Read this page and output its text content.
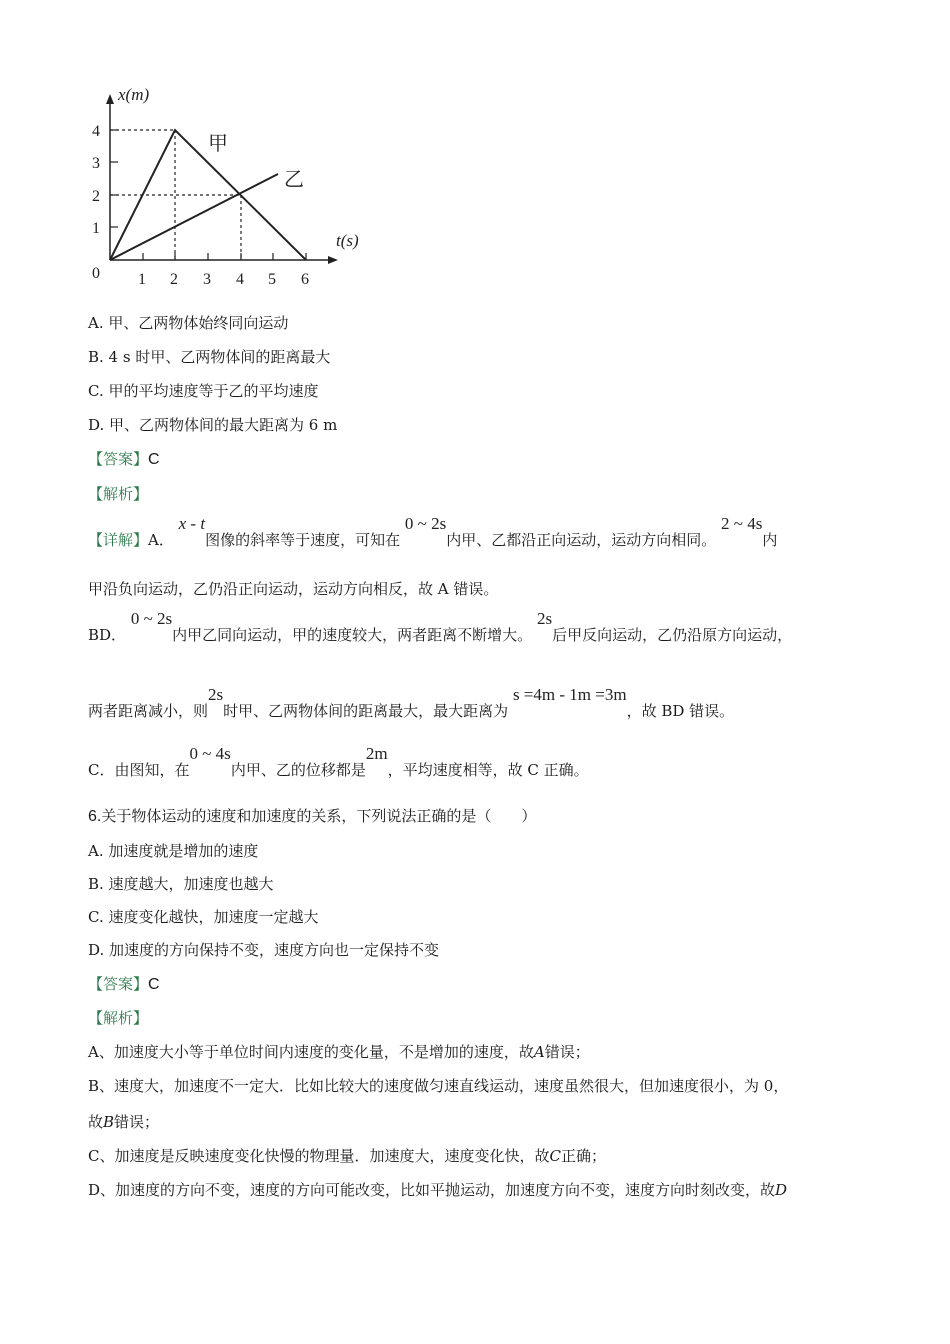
x(m)
t(s)
0
4
3
2
1
1 2 3 4 5 6
甲
乙
A. 甲、乙两物体始终同向运动
B. 4 s 时甲、乙两物体间的距离最大
C. 甲的平均速度等于乙的平均速度
D. 甲、乙两物体间的最大距离为 6 m
【答案】C
【解析】
【详解】A． x - t图像的斜率等于速度，可知在 0 ~ 2s内甲、乙都沿正向运动，运动方向相同。 2 ~ 4s内
甲沿负向运动，乙仍沿正向运动，运动方向相反，故 A 错误。
BD． 0 ~ 2s内甲乙同向运动，甲的速度较大，两者距离不断增大。 2s后甲反向运动，乙仍沿原方向运动，
两者距离减小，则2s时甲、乙两物体间的距离最大，最大距离为 s =4m - 1m =3m，故 BD 错误。
C．由图知，在0 ~ 4s内甲、乙的位移都是2m，平均速度相等，故 C 正确。
6.关于物体运动的速度和加速度的关系，下列说法正确的是（　　）
A. 加速度就是增加的速度
B. 速度越大，加速度也越大
C. 速度变化越快，加速度一定越大
D. 加速度的方向保持不变，速度方向也一定保持不变
【答案】C
【解析】
A、加速度大小等于单位时间内速度的变化量，不是增加的速度，故A错误；
B、速度大，加速度不一定大．比如比较大的速度做匀速直线运动，速度虽然很大，但加速度很小，为 0，
故B错误；
C、加速度是反映速度变化快慢的物理量．加速度大，速度变化快，故C正确；
D、加速度的方向不变，速度的方向可能改变，比如平抛运动，加速度方向不变，速度方向时刻改变，故D
